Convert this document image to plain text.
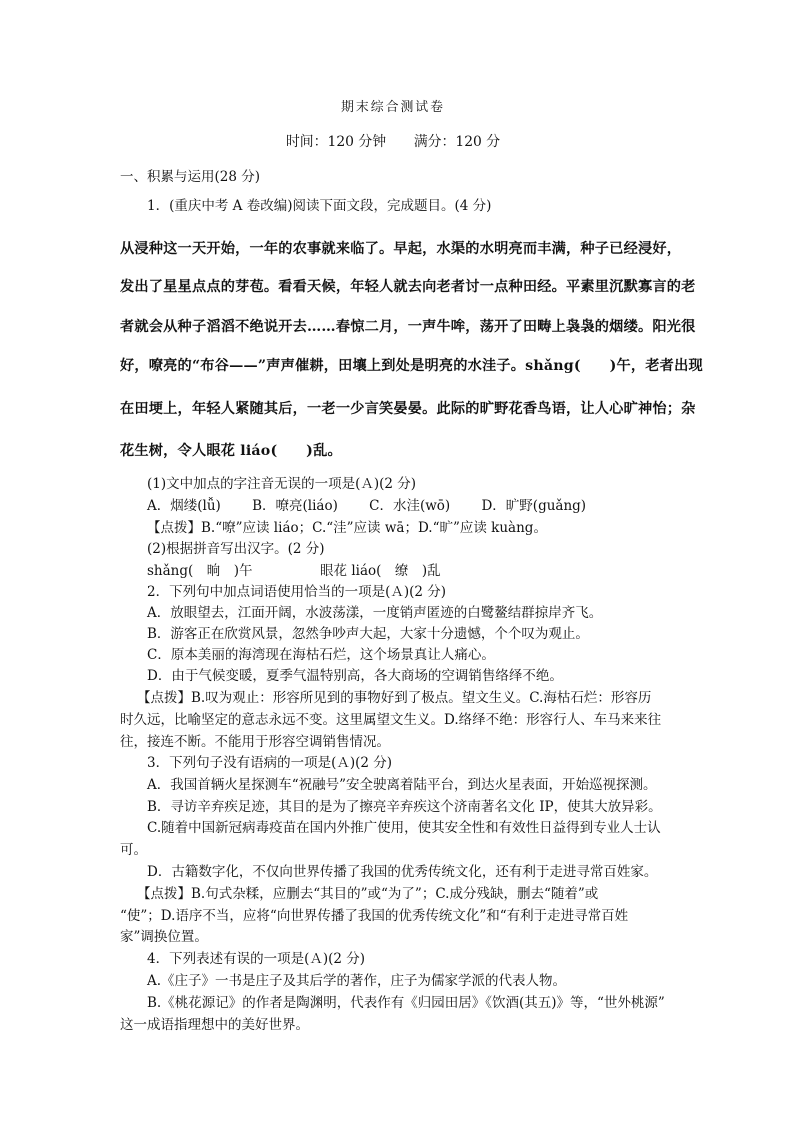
期末综合测试卷
时间：120 分钟　　满分：120 分
一、积累与运用(28 分)
1．(重庆中考 A 卷改编)阅读下面文段，完成题目。(4 分)
从浸种这一天开始，一年的农事就来临了。早起，水渠的水明亮而丰满，种子已经浸好，
发出了星星点点的芽苞。看看天候，年轻人就去向老者讨一点种田经。平素里沉默寡言的老
者就会从种子滔滔不绝说开去……春惊二月，一声牛哞，荡开了田畴上袅袅的烟缕。阳光很
好，嘹亮的“布谷——”声声催耕，田壤上到处是明亮的水洼子。shǎng(　　)午，老者出现
在田埂上，年轻人紧随其后，一老一少言笑晏晏。此际的旷野花香鸟语，让人心旷神怡；杂
花生树，令人眼花 liáo(　　)乱。
(1)文中加点的字注音无误的一项是(Ａ)(2 分)
A．烟缕(lǚ)　　 B．嘹亮(liáo)　　 C．水洼(wō)　　 D．旷野(guǎng)
【点拨】B.“嘹”应读 liáo；C.“洼”应读 wā；D.“旷”应读 kuàng。
(2)根据拼音写出汉字。(2 分)
shǎng(　晌　)午　　　　　眼花 liáo(　缭　)乱
2．下列句中加点词语使用恰当的一项是(Ａ)(2 分)
A．放眼望去，江面开阔，水波荡漾，一度销声匿迹的白鹭鳌结群掠岸齐飞。
B．游客正在欣赏风景，忽然争吵声大起，大家十分遗憾，个个叹为观止。
C．原本美丽的海湾现在海枯石烂，这个场景真让人痛心。
D．由于气候变暖，夏季气温特别高，各大商场的空调销售络绎不绝。
【点拨】B.叹为观止：形容所见到的事物好到了极点。望文生义。C.海枯石烂：形容历
时久远，比喻坚定的意志永远不变。这里属望文生义。D.络绎不绝：形容行人、车马来来往
往，接连不断。不能用于形容空调销售情况。
3．下列句子没有语病的一项是(Ａ)(2 分)
A．我国首辆火星探测车“祝融号”安全驶离着陆平台，到达火星表面，开始巡视探测。
B．寻访辛弃疾足迹，其目的是为了擦亮辛弃疾这个济南著名文化 IP，使其大放异彩。
C.随着中国新冠病毒疫苗在国内外推广使用，使其安全性和有效性日益得到专业人士认
可。
D．古籍数字化，不仅向世界传播了我国的优秀传统文化，还有利于走进寻常百姓家。
【点拨】B.句式杂糅，应删去“其目的”或“为了”；C.成分残缺，删去“随着”或
“使”；D.语序不当，应将“向世界传播了我国的优秀传统文化”和“有利于走进寻常百姓
家”调换位置。
4．下列表述有误的一项是(Ａ)(2 分)
A.《庄子》一书是庄子及其后学的著作，庄子为儒家学派的代表人物。
B.《桃花源记》的作者是陶渊明，代表作有《归园田居》《饮酒(其五)》等，“世外桃源”
这一成语指理想中的美好世界。
